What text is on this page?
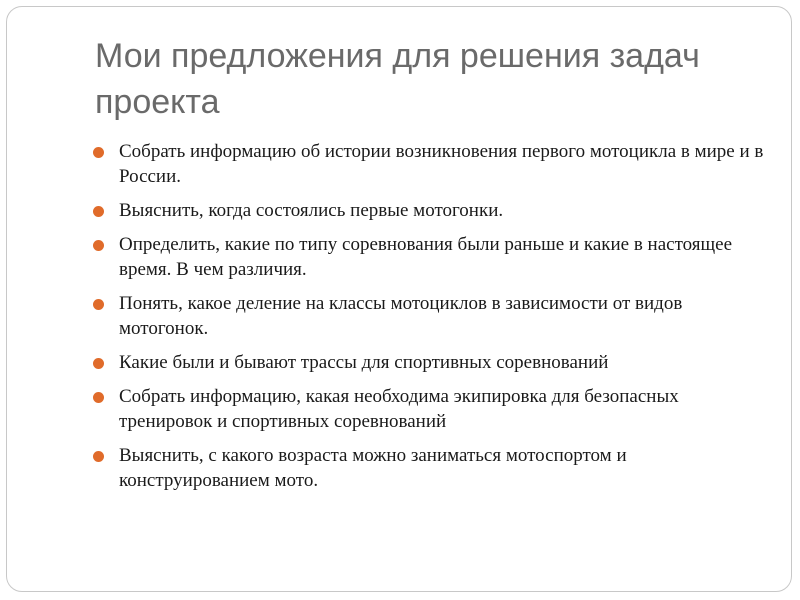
Мои предложения для решения задач проекта
Собрать информацию об истории возникновения первого мотоцикла в мире и в России.
Выяснить, когда состоялись первые мотогонки.
Определить, какие по типу соревнования были раньше и какие в настоящее время. В чем различия.
Понять, какое деление на классы мотоциклов в зависимости от видов мотогонок.
Какие были и бывают трассы для спортивных соревнований
Собрать информацию, какая необходима экипировка для безопасных тренировок и спортивных соревнований
Выяснить, с какого возраста можно заниматься мотоспортом и конструированием мото.
